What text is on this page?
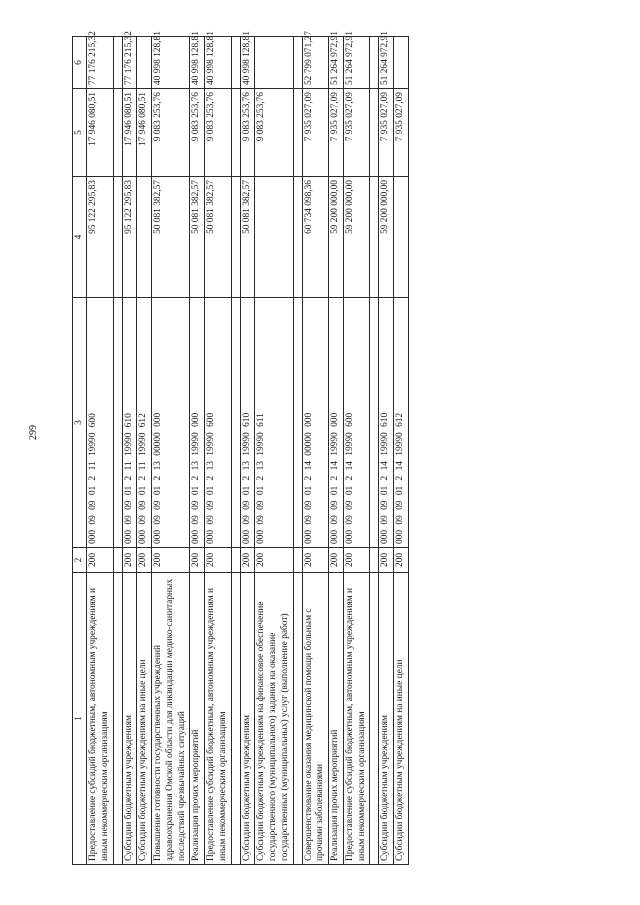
299
1	2	3	4	5	6
Предоставление субсидий бюджетным, автономным учреждениям и иным некоммерческим организациям	200	000 09 09 01 2 11 19990 600	95 122 295,83	17 946 080,51	77 176 215,32

Субсидии бюджетным учреждениям	200	000 09 09 01 2 11 19990 610	95 122 295,83	17 946 080,51	77 176 215,32
Субсидии бюджетным учреждениям на иные цели	200	000 09 09 01 2 11 19990 612		17 946 080,51	
Повышение готовности государственных учреждений здравоохранения Омской области для ликвидации медико-санитарных последствий чрезвычайных ситуаций	200	000 09 09 01 2 13 00000 000	50 081 382,57	9 083 253,76	40 998 128,81
Реализация прочих мероприятий	200	000 09 09 01 2 13 19990 000	50 081 382,57	9 083 253,76	40 998 128,81
Предоставление субсидий бюджетным, автономным учреждениям и иным некоммерческим организациям	200	000 09 09 01 2 13 19990 600	50 081 382,57	9 083 253,76	40 998 128,81

Субсидии бюджетным учреждениям	200	000 09 09 01 2 13 19990 610	50 081 382,57	9 083 253,76	40 998 128,81
Субсидии бюджетным учреждениям на финансовое обеспечение государственного (муниципального) задания на оказание государственных (муниципальных) услуг (выполнение работ)	200	000 09 09 01 2 13 19990 611		9 083 253,76	

Совершенствование оказания медицинской помощи больным с прочими заболеваниями	200	000 09 09 01 2 14 00000 000	60 734 098,36	7 935 027,09	52 799 071,27
Реализация прочих мероприятий	200	000 09 09 01 2 14 19990 000	59 200 000,00	7 935 027,09	51 264 972,91
Предоставление субсидий бюджетным, автономным учреждениям и иным некоммерческим организациям	200	000 09 09 01 2 14 19990 600	59 200 000,00	7 935 027,09	51 264 972,91

Субсидии бюджетным учреждениям	200	000 09 09 01 2 14 19990 610	59 200 000,00	7 935 027,09	51 264 972,91
Субсидии бюджетным учреждениям на иные цели	200	000 09 09 01 2 14 19990 612		7 935 027,09	
